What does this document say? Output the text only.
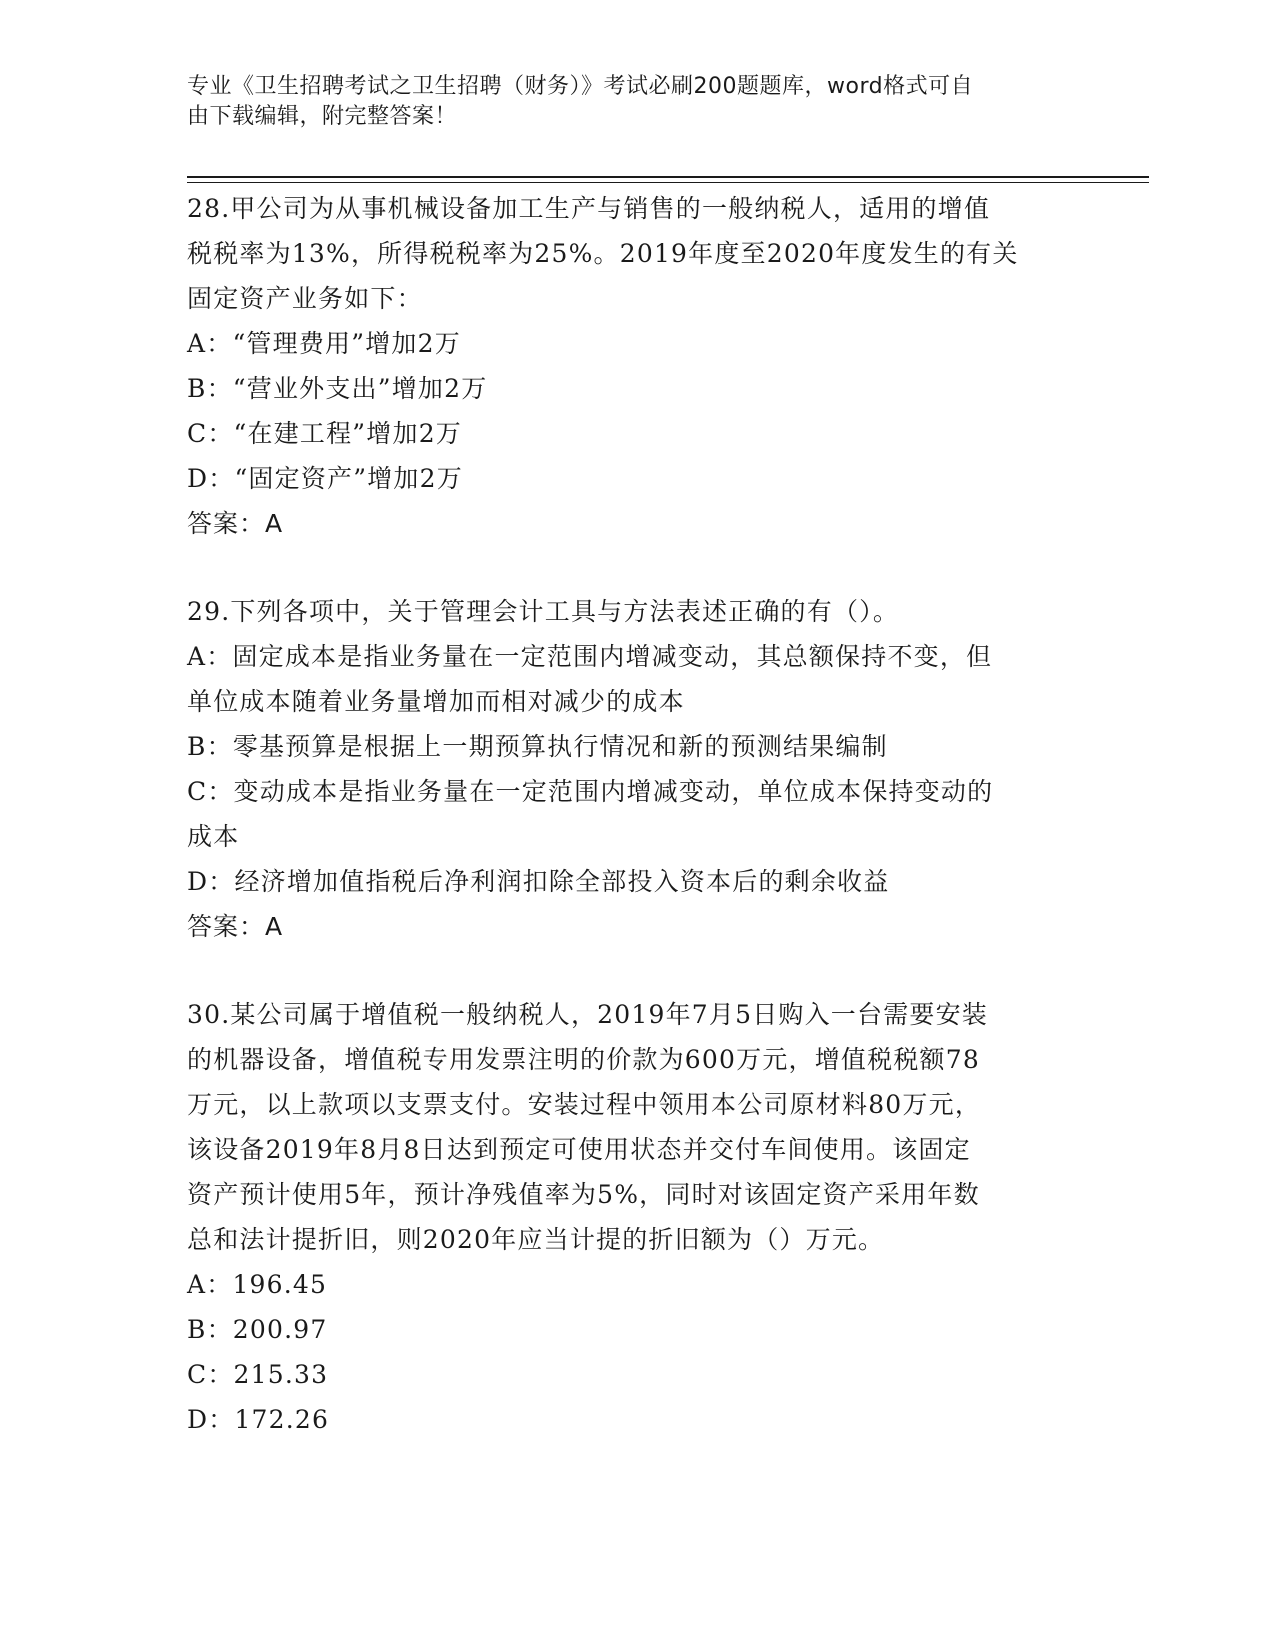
专业《卫生招聘考试之卫生招聘（财务）》考试必刷200题题库，word格式可自
由下载编辑，附完整答案！
28.甲公司为从事机械设备加工生产与销售的一般纳税人，适用的增值
税税率为13%，所得税税率为25%。2019年度至2020年度发生的有关
固定资产业务如下：
A：“管理费用”增加2万
B：“营业外支出”增加2万
C：“在建工程”增加2万
D：“固定资产”增加2万
答案：A
29.下列各项中，关于管理会计工具与方法表述正确的有（）。
A：固定成本是指业务量在一定范围内增减变动，其总额保持不变，但
单位成本随着业务量增加而相对减少的成本
B：零基预算是根据上一期预算执行情况和新的预测结果编制
C：变动成本是指业务量在一定范围内增减变动，单位成本保持变动的
成本
D：经济增加值指税后净利润扣除全部投入资本后的剩余收益
答案：A
30.某公司属于增值税一般纳税人，2019年7月5日购入一台需要安装
的机器设备，增值税专用发票注明的价款为600万元，增值税税额78
万元，以上款项以支票支付。安装过程中领用本公司原材料80万元，
该设备2019年8月8日达到预定可使用状态并交付车间使用。该固定
资产预计使用5年，预计净残值率为5%，同时对该固定资产采用年数
总和法计提折旧，则2020年应当计提的折旧额为（）万元。
A：196.45
B：200.97
C：215.33
D：172.26
